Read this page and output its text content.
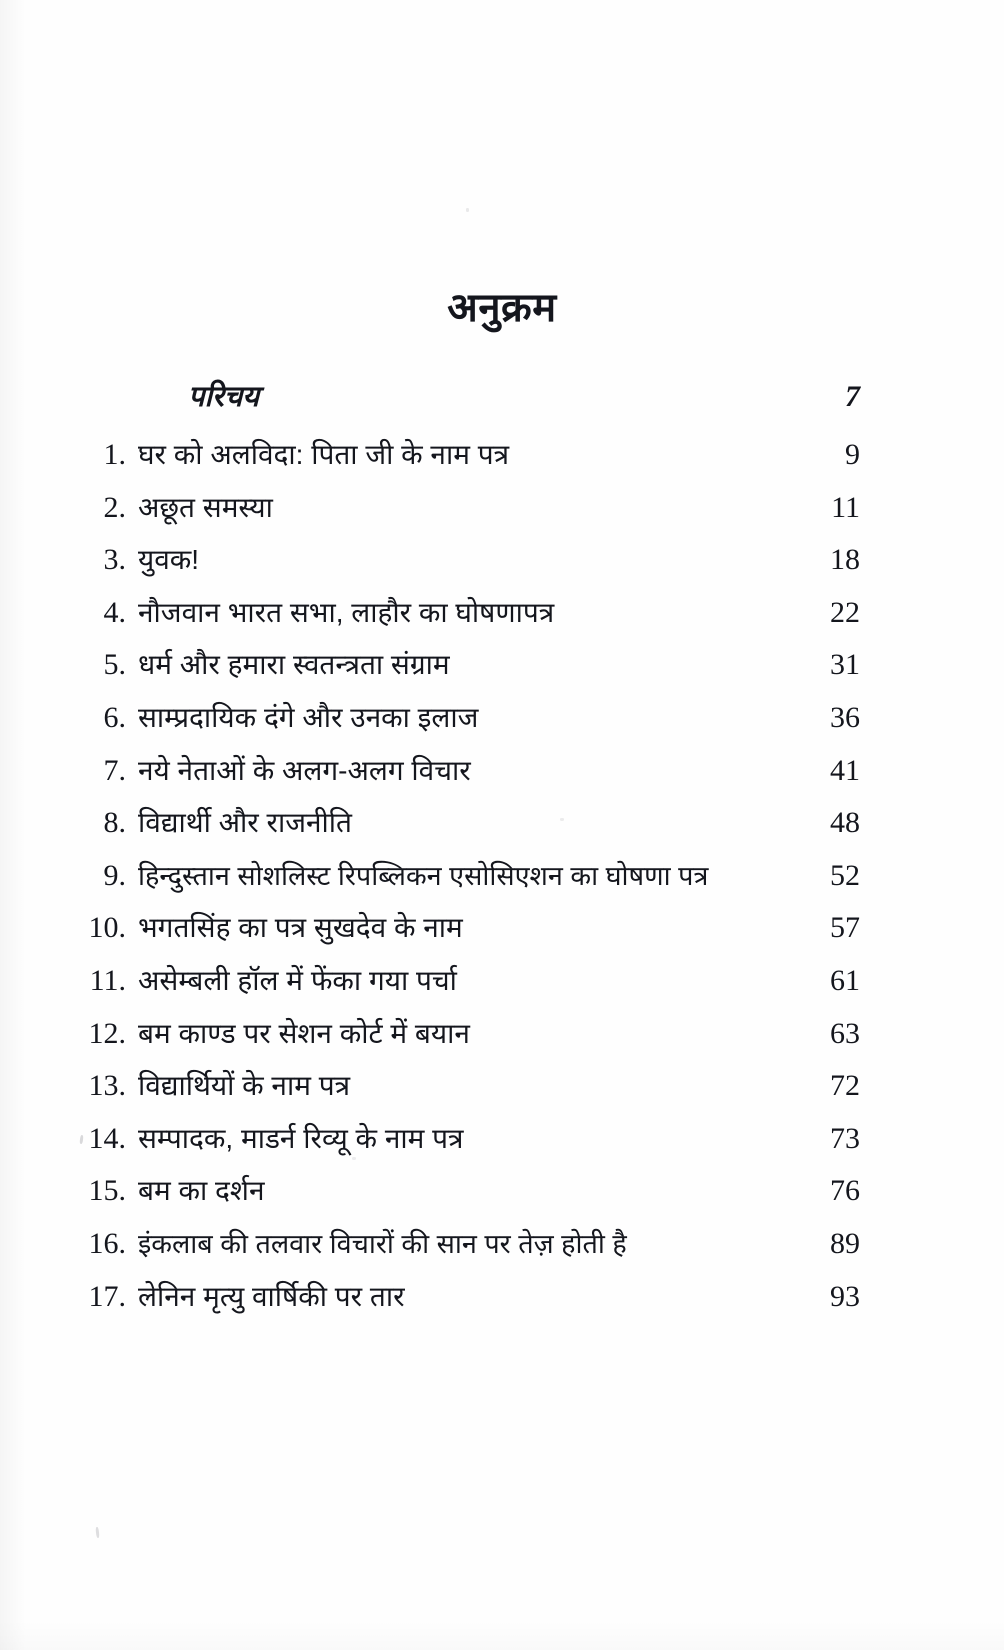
अनुक्रम
परिचय	7
1. घर को अलविदा: पिता जी के नाम पत्र	9
2. अछूत समस्या	11
3. युवक!	18
4. नौजवान भारत सभा, लाहौर का घोषणापत्र	22
5. धर्म और हमारा स्वतन्त्रता संग्राम	31
6. साम्प्रदायिक दंगे और उनका इलाज	36
7. नये नेताओं के अलग-अलग विचार	41
8. विद्यार्थी और राजनीति	48
9. हिन्दुस्तान सोशलिस्ट रिपब्लिकन एसोसिएशन का घोषणा पत्र	52
10. भगतसिंह का पत्र सुखदेव के नाम	57
11. असेम्बली हॉल में फेंका गया पर्चा	61
12. बम काण्ड पर सेशन कोर्ट में बयान	63
13. विद्यार्थियों के नाम पत्र	72
14. सम्पादक, माडर्न रिव्यू के नाम पत्र	73
15. बम का दर्शन	76
16. इंकलाब की तलवार विचारों की सान पर तेज़ होती है	89
17. लेनिन मृत्यु वार्षिकी पर तार	93
